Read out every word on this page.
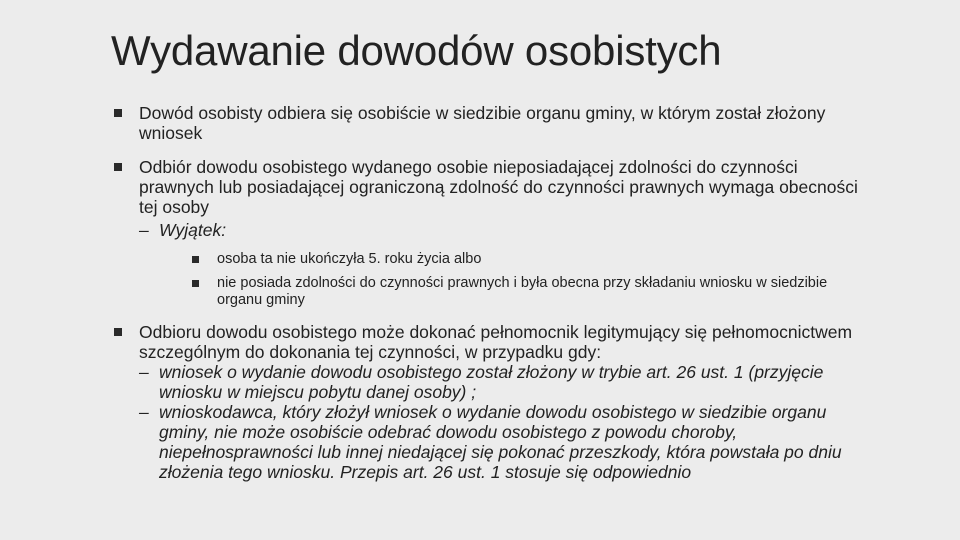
Wydawanie dowodów osobistych
Dowód osobisty odbiera się osobiście w siedzibie organu gminy, w którym został złożony wniosek
Odbiór dowodu osobistego wydanego osobie nieposiadającej zdolności do czynności prawnych lub posiadającej ograniczoną zdolność do czynności prawnych wymaga obecności tej osoby
– Wyjątek:
osoba ta nie ukończyła 5. roku życia albo
nie posiada zdolności do czynności prawnych i była obecna przy składaniu wniosku w siedzibie organu gminy
Odbioru dowodu osobistego może dokonać pełnomocnik legitymujący się pełnomocnictwem szczególnym do dokonania tej czynności, w przypadku gdy:
– wniosek o wydanie dowodu osobistego został złożony w trybie art. 26 ust. 1 (przyjęcie wniosku w miejscu pobytu danej osoby) ;
– wnioskodawca, który złożył wniosek o wydanie dowodu osobistego w siedzibie organu gminy, nie może osobiście odebrać dowodu osobistego z powodu choroby, niepełnosprawności lub innej niedającej się pokonać przeszkody, która powstała po dniu złożenia tego wniosku. Przepis art. 26 ust. 1 stosuje się odpowiednio
